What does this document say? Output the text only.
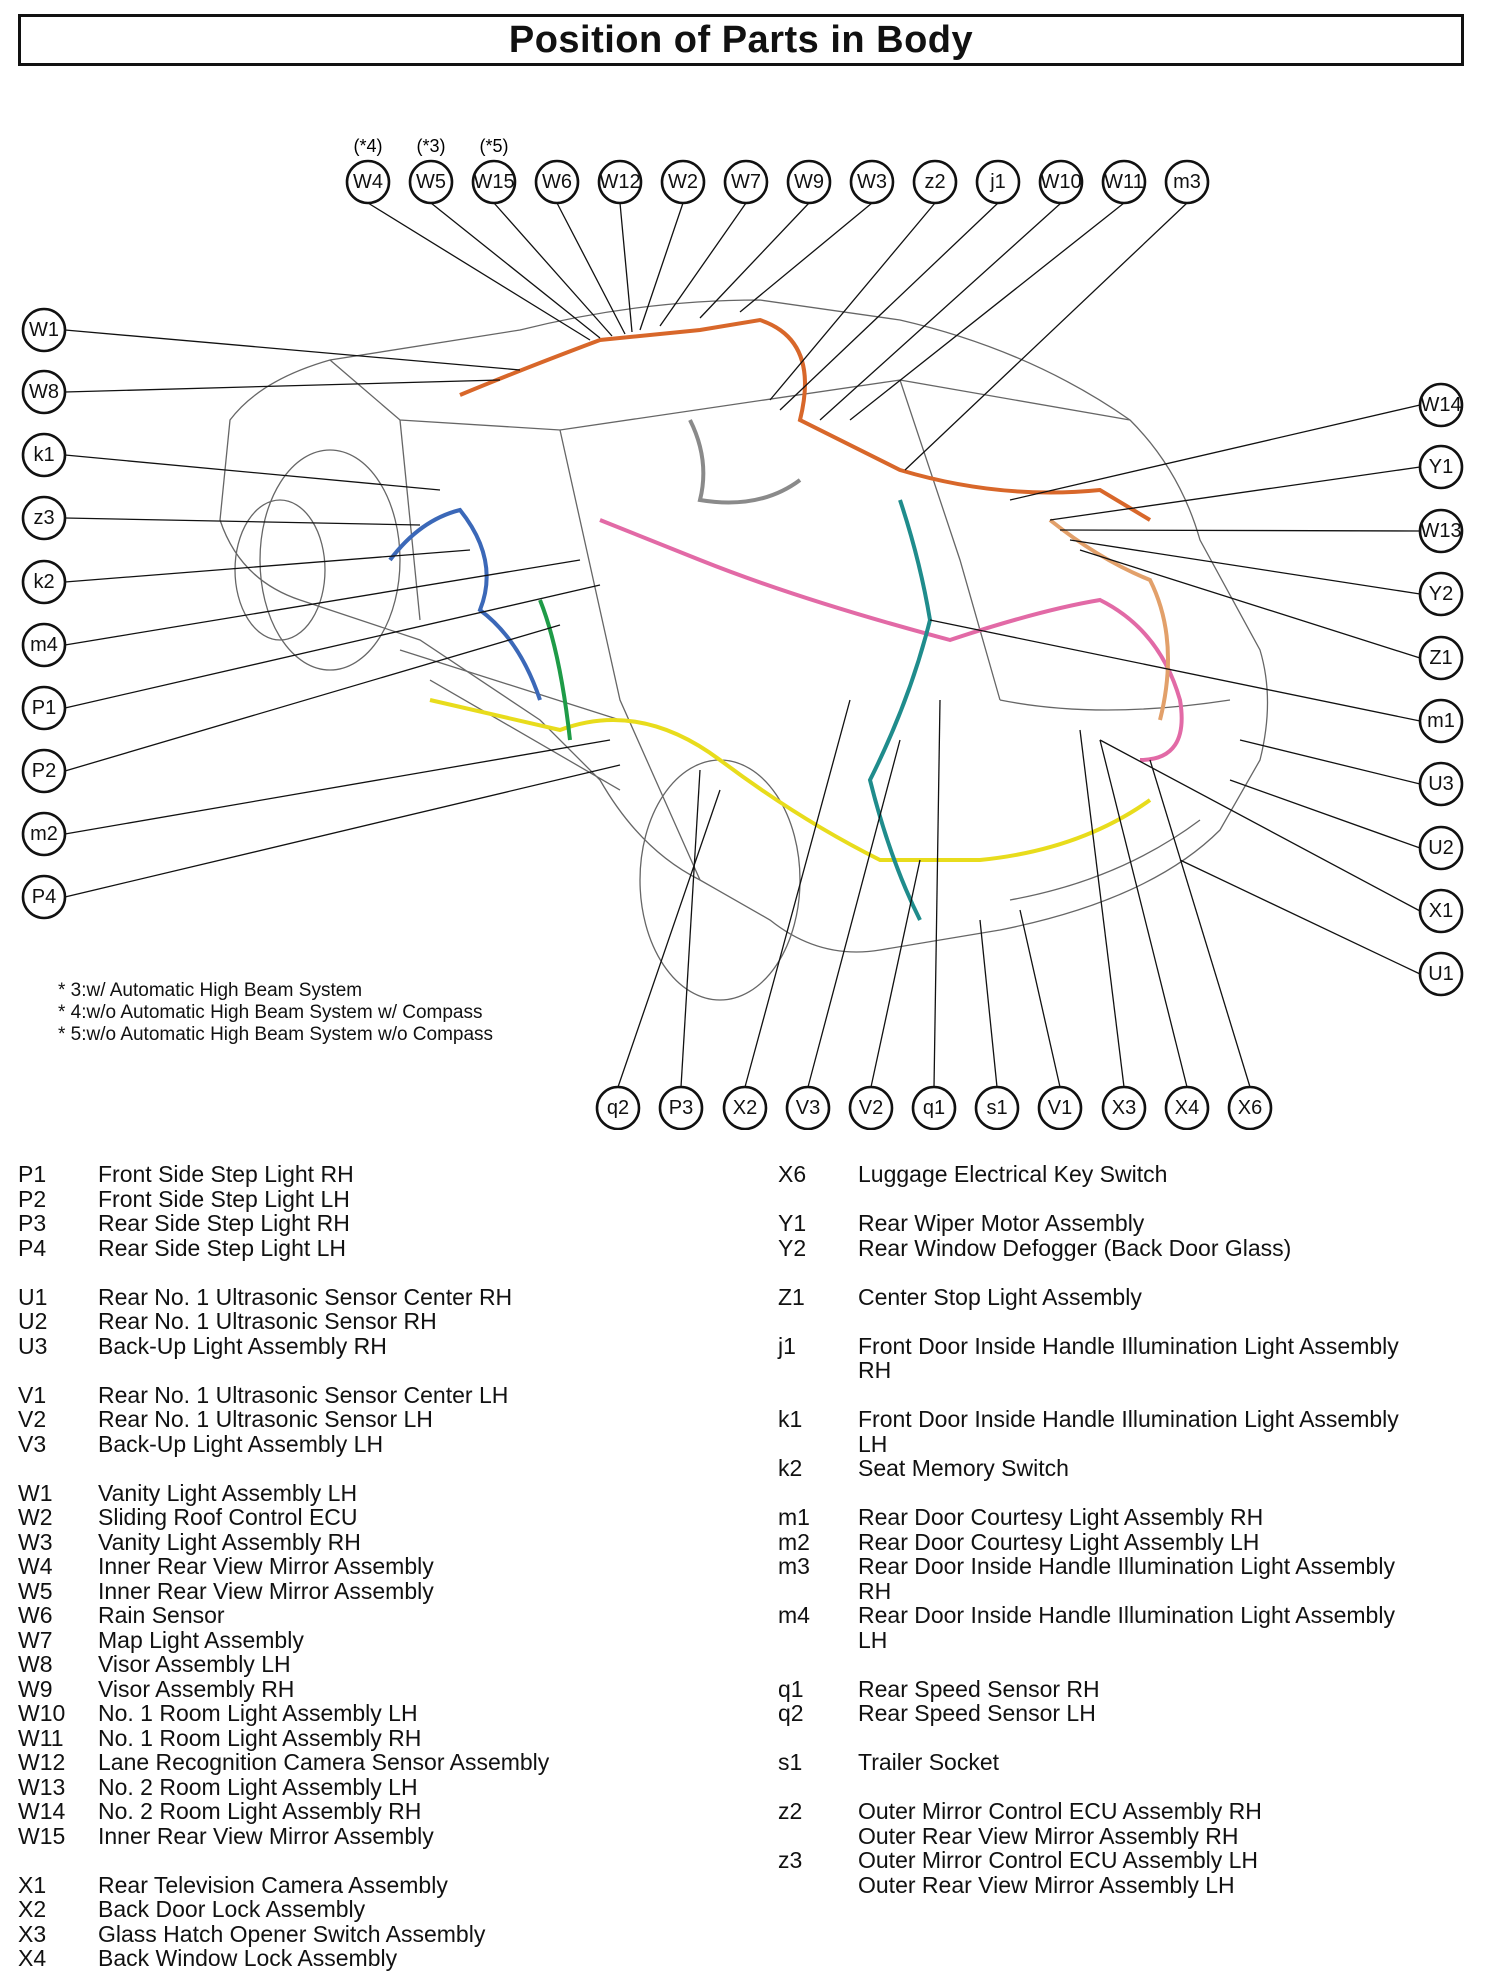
Position of Parts in Body
W4 W5 W15 W6 W12 W2 W7 W9 W3 z2 j1 W10 W11 m3
W1
W8
k1
z3
k2
m4
P1
P2
m2
P4
W14
Y1
W13
Y2
Z1
m1
U3
U2
X1
U1
q2 P3 X2 V3 V2 q1 s1 V1 X3 X4 X6
(*4) (*3) (*5)
* 3:w/ Automatic High Beam System
* 4:w/o Automatic High Beam System w/ Compass
* 5:w/o Automatic High Beam System w/o Compass
P1	Front Side Step Light RH
P2	Front Side Step Light LH
P3	Rear Side Step Light RH
P4	Rear Side Step Light LH
U1	Rear No. 1 Ultrasonic Sensor Center RH
U2	Rear No. 1 Ultrasonic Sensor RH
U3	Back-Up Light Assembly RH
V1	Rear No. 1 Ultrasonic Sensor Center LH
V2	Rear No. 1 Ultrasonic Sensor LH
V3	Back-Up Light Assembly LH
W1	Vanity Light Assembly LH
W2	Sliding Roof Control ECU
W3	Vanity Light Assembly RH
W4	Inner Rear View Mirror Assembly
W5	Inner Rear View Mirror Assembly
W6	Rain Sensor
W7	Map Light Assembly
W8	Visor Assembly LH
W9	Visor Assembly RH
W10	No. 1 Room Light Assembly LH
W11	No. 1 Room Light Assembly RH
W12	Lane Recognition Camera Sensor Assembly
W13	No. 2 Room Light Assembly LH
W14	No. 2 Room Light Assembly RH
W15	Inner Rear View Mirror Assembly
X1	Rear Television Camera Assembly
X2	Back Door Lock Assembly
X3	Glass Hatch Opener Switch Assembly
X4	Back Window Lock Assembly
X6	Luggage Electrical Key Switch
Y1	Rear Wiper Motor Assembly
Y2	Rear Window Defogger (Back Door Glass)
Z1	Center Stop Light Assembly
j1	Front Door Inside Handle Illumination Light Assembly
RH
k1	Front Door Inside Handle Illumination Light Assembly
LH
k2	Seat Memory Switch
m1	Rear Door Courtesy Light Assembly RH
m2	Rear Door Courtesy Light Assembly LH
m3	Rear Door Inside Handle Illumination Light Assembly
RH
m4	Rear Door Inside Handle Illumination Light Assembly
LH
q1	Rear Speed Sensor RH
q2	Rear Speed Sensor LH
s1	Trailer Socket
z2	Outer Mirror Control ECU Assembly RH
Outer Rear View Mirror Assembly RH
z3	Outer Mirror Control ECU Assembly LH
Outer Rear View Mirror Assembly LH
